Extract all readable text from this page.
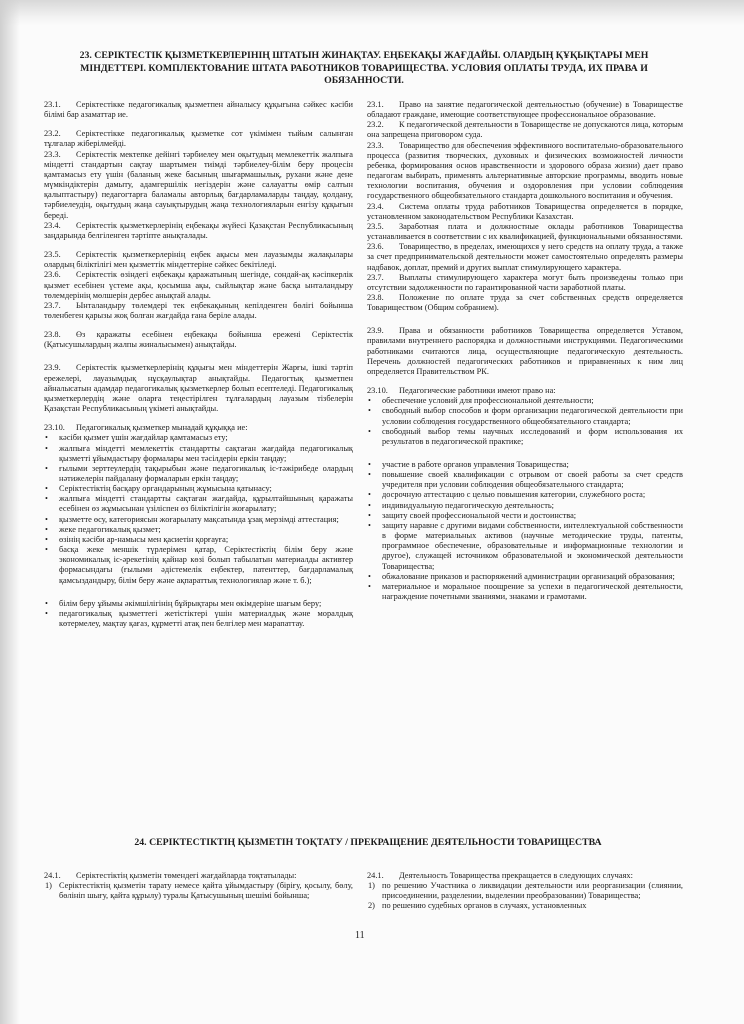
23. СЕРІКТЕСТІК ҚЫЗМЕТКЕРЛЕРІНІҢ ШТАТЫН ЖИНАҚТАУ. ЕҢБЕКАҚЫ ЖАҒДАЙЫ. ОЛАРДЫҢ ҚҰҚЫҚТАРЫ МЕН МІНДЕТТЕРІ. КОМПЛЕКТОВАНИЕ ШТАТА РАБОТНИКОВ ТОВАРИЩЕСТВА. УСЛОВИЯ ОПЛАТЫ ТРУДА, ИХ ПРАВА И ОБЯЗАННОСТИ.

23.1. Серіктестікке педагогикалық қызметпен айналысу құқығына сәйкес кәсіби білімі бар азаматтар ие.

23.2. Серіктестікке педагогикалық қызметке сот үкімімен тыйым салынған тұлғалар жіберілмейді.

23.3. Серіктестік мектепке дейінгі тәрбиелеу мен оқытудың мемлекеттік жалпыға міндетті стандартын сақтау шартымен тиімді тәрбиелеу-білім беру процесін қамтамасыз ету үшін (баланың жеке басының шығармашылық, рухани және дене мүмкіндіктерін дамыту, адамгершілік негіздерін және салауатты өмір салтын қалыптастыру) педагогтарға баламалы авторлық бағдарламаларды таңдау, қолдану, тәрбиелеудің, оқытудың жаңа сауықтырудың жаңа технологияларын енгізу құқығын береді.

23.4. Серіктестік қызметкерлерінің еңбекақы жүйесі Қазақстан Республикасының заңдарында белгіленген тәртіпте анықталады.

23.5. Серіктестік қызметкерлерінің еңбек ақысы мен лауазымды жалақылары олардың біліктілігі мен қызметтік міндеттеріне сәйкес бекітіледі.

23.6. Серіктестік өзіндегі еңбекақы қаражатының шегінде, сондай-ақ кәсіпкерлік қызмет есебінен үстеме ақы, қосымша ақы, сыйлықтар және басқа ынталандыру төлемдерінің мөлшерін дербес анықтай алады.

23.7. Ынталандыру төлемдері тек еңбекақының кепілденген бөлігі бойынша төленбеген қарызы жоқ болған жағдайда ғана беріле алады.

23.8. Өз қаражаты есебінен еңбекақы бойынша ережені Серіктестік (Қатысушылардың жалпы жиналысымен) анықтайды.

23.9. Серіктестік қызметкерлерінің құқығы мен міндеттерін Жарғы, ішкі тәртіп ережелері, лауазымдық нұсқаулықтар анықтайды. Педагогтық қызметпен айналысатын адамдар педагогикалық қызметкерлер болып есептеледі. Педагогикалық қызметкерлердің және оларға теңестірілген тұлғалардың лауазым тізбелерін Қазақстан Республикасының үкіметі анықтайды.

23.10. Педагогикалық қызметкер мынадай құқыққа ие:

• кәсіби қызмет үшін жағдайлар қамтамасыз ету;
• жалпыға міндетті мемлекеттік стандартты сақтаған жағдайда педагогикалық қызметті ұйымдастыру формалары мен тәсілдерін еркін таңдау;
• ғылыми зерттеулердің тақырыбын және педагогикалық іс-тәжірибеде олардың нәтижелерін пайдалану формаларын еркін таңдау;
• Серіктестіктің басқару органдарының жұмысына қатынасу;
• жалпыға міндетті стандартты сақтаған жағдайда, құрылтайшының қаражаты есебінен өз жұмысынан үзіліспен өз біліктілігін жоғарылату;
• қызметте өсу, категориясын жоғарылату мақсатында ұзақ мерзімді аттестация;
• жеке педагогикалық қызмет;
• өзінің кәсіби ар-намысы мен қасиетін қорғауға;
• басқа жеке меншік түрлерімен қатар, Серіктестіктің білім беру және экономикалық іс-әрекетінің қайнар көзі болып табылатын материалды активтер формасындағы (ғылыми әдістемелік еңбектер, патенттер, бағдарламалық қамсыздандыру, білім беру және ақпараттық технологиялар және т. б.);
• білім беру ұйымы әкімшілігінің бұйрықтары мен өкімдеріне шағым беру;
• педагогикалық қызметтегі жетістіктері үшін материалдық және моралдық көтермелеу, мақтау қағаз, құрметті атақ пен белгілер мен марапаттау.

23.1. Право на занятие педагогической деятельностью (обучение) в Товариществе обладают граждане, имеющие соответствующее профессиональное образование.

23.2. К педагогической деятельности в Товариществе не допускаются лица, которым она запрещена приговором суда.

23.3. Товарищество для обеспечения эффективного воспитательно-образовательного процесса (развития творческих, духовных и физических возможностей личности ребенка, формирования основ нравственности и здорового образа жизни) дает право педагогам выбирать, применять альтернативные авторские программы, вводить новые технологии воспитания, обучения и оздоровления при условии соблюдения государственного общеобязательного стандарта дошкольного воспитания и обучения.

23.4. Система оплаты труда работников Товарищества определяется в порядке, установленном законодательством Республики Казахстан.

23.5. Заработная плата и должностные оклады работников Товарищества устанавливается в соответствии с их квалификацией, функциональными обязанностями.

23.6. Товарищество, в пределах, имеющихся у него средств на оплату труда, а также за счет предпринимательской деятельности может самостоятельно определять размеры надбавок, доплат, премий и других выплат стимулирующего характера.

23.7. Выплаты стимулирующего характера могут быть произведены только при отсутствии задолженности по гарантированной части заработной платы.

23.8. Положение по оплате труда за счет собственных средств определяется Товариществом (Общим собранием).

23.9. Права и обязанности работников Товарищества определяется Уставом, правилами внутреннего распорядка и должностными инструкциями. Педагогическими работниками считаются лица, осуществляющие педагогическую деятельность. Перечень должностей педагогических работников и приравненных к ним лиц определяется Правительством РК.

23.10. Педагогические работники имеют право на:

• обеспечение условий для профессиональной деятельности;
• свободный выбор способов и форм организации педагогической деятельности при условии соблюдения государственного общеобязательного стандарта;
• свободный выбор темы научных исследований и форм использования их результатов в педагогической практике;
• участие в работе органов управления Товарищества;
• повышение своей квалификации с отрывом от своей работы за счет средств учредителя при условии соблюдения общеобязательного стандарта;
• досрочную аттестацию с целью повышения категории, служебного роста;
• индивидуальную педагогическую деятельность;
• защиту своей профессиональной чести и достоинства;
• защиту наравне с другими видами собственности, интеллектуальной собственности в форме материальных активов (научные методические труды, патенты, программное обеспечение, образовательные и информационные технологии и другое), служащей источником образовательной и экономической деятельности Товарищества;
• обжалование приказов и распоряжений администрации организаций образования;
• материальное и моральное поощрение за успехи в педагогической деятельности, награждение почетными званиями, знаками и грамотами.
24. СЕРІКТЕСТІКТІҢ ҚЫЗМЕТІН ТОҚТАТУ / ПРЕКРАЩЕНИЕ ДЕЯТЕЛЬНОСТИ ТОВАРИЩЕСТВА

24.1. Серіктестіктің қызметін төмендегі жағдайларда тоқтатылады:

1) Серіктестіктің қызметін тарату немесе қайта ұйымдастыру (біріғу, қосылу, бөлу, бөлініп шығу, қайта құрылу) туралы Қатысушының шешімі бойынша;

24.1. Деятельность Товарищества прекращается в следующих случаях:

1) по решению Участника о ликвидации деятельности или реорганизации (слиянии, присоединении, разделении, выделении преобразовании) Товарищества;
2) по решению судебных органов в случаях, установленных
11
